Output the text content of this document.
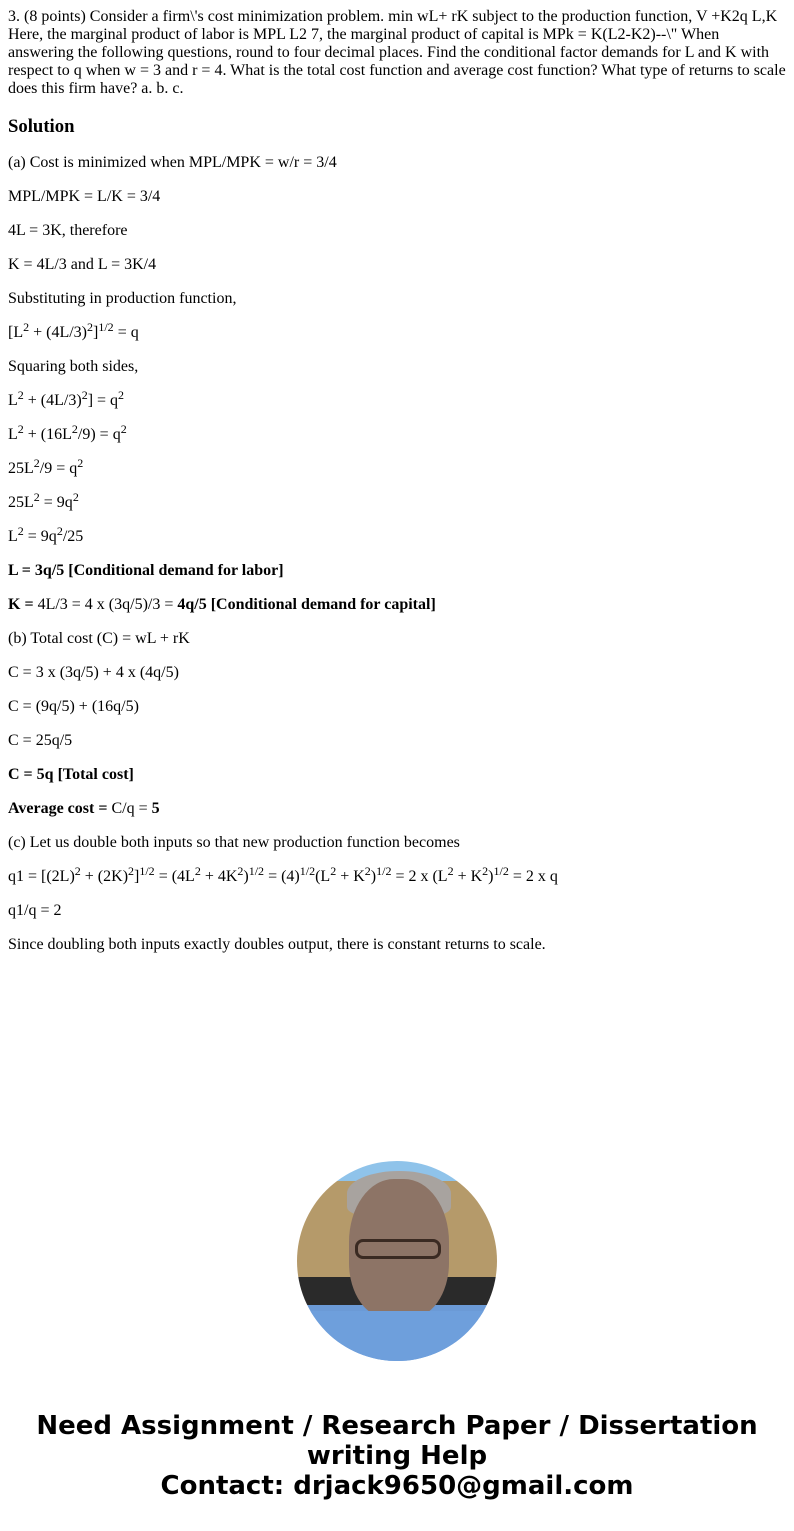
3. (8 points) Consider a firm\'s cost minimization problem. min wL+ rK subject to the production function, V +K2q L,K Here, the marginal product of labor is MPL L2 7, the marginal product of capital is MPk = K(L2-K2)--\" When answering the following questions, round to four decimal places. Find the conditional factor demands for L and K with respect to q when w = 3 and r = 4. What is the total cost function and average cost function? What type of returns to scale does this firm have? a. b. c.

Solution

(a) Cost is minimized when MPL/MPK = w/r = 3/4

MPL/MPK = L/K = 3/4

4L = 3K, therefore

K = 4L/3 and L = 3K/4

Substituting in production function,

$[L^2 + (4L/3)^2]^{1/2} = q$

Squaring both sides,

$L^2 + (4L/3)^2] = q^2$

$L^2 + (16L^2/9) = q^2$

$25L^2/9 = q^2$

$25L^2 = 9q^2$

$L^2 = 9q^2/25$

L = 3q/5 [Conditional demand for labor]

K = 4L/3 = 4 x (3q/5)/3 = 4q/5 [Conditional demand for capital]

(b) Total cost (C) = wL + rK

C = 3 x (3q/5) + 4 x (4q/5)

C = (9q/5) + (16q/5)

C = 25q/5

C = 5q [Total cost]

Average cost = C/q = 5

(c) Let us double both inputs so that new production function becomes

$q1 = [(2L)^2 + (2K)^2]^{1/2} = (4L^2 + 4K^2)^{1/2} = (4)^{1/2}(L^2 + K^2)^{1/2} = 2$ x $(L^2 + K^2)^{1/2} = 2$ x q

q1/q = 2

Since doubling both inputs exactly doubles output, there is constant returns to scale.

Need Assignment / Research Paper / Dissertation
writing Help
Contact: drjack9650@gmail.com
